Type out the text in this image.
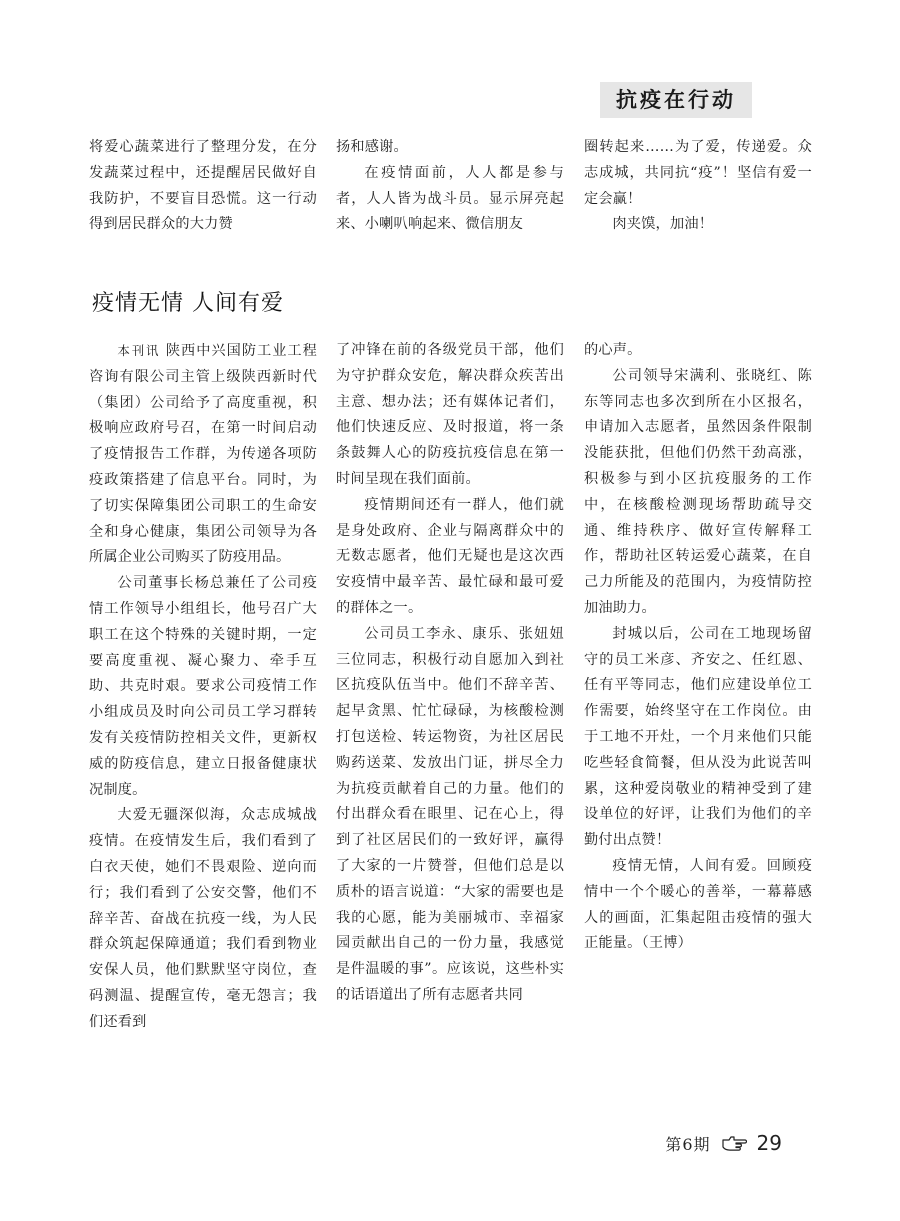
抗疫在行动

将爱心蔬菜进行了整理分发，在分发蔬菜过程中，还提醒居民做好自我防护，不要盲目恐慌。这一行动得到居民群众的大力赞

扬和感谢。

在疫情面前，人人都是参与者，人人皆为战斗员。显示屏亮起来、小喇叭响起来、微信朋友

圈转起来……为了爱，传递爱。众志成城，共同抗“疫”！坚信有爱一定会赢！

肉夹馍，加油！

疫情无情 人间有爱

本刊讯 陕西中兴国防工业工程咨询有限公司主管上级陕西新时代（集团）公司给予了高度重视，积极响应政府号召，在第一时间启动了疫情报告工作群，为传递各项防疫政策搭建了信息平台。同时，为了切实保障集团公司职工的生命安全和身心健康，集团公司领导为各所属企业公司购买了防疫用品。

公司董事长杨总兼任了公司疫情工作领导小组组长，他号召广大职工在这个特殊的关键时期，一定要高度重视、凝心聚力、牵手互助、共克时艰。要求公司疫情工作小组成员及时向公司员工学习群转发有关疫情防控相关文件，更新权威的防疫信息，建立日报备健康状况制度。

大爱无疆深似海，众志成城战疫情。在疫情发生后，我们看到了白衣天使，她们不畏艰险、逆向而行；我们看到了公安交警，他们不辞辛苦、奋战在抗疫一线，为人民群众筑起保障通道；我们看到物业安保人员，他们默默坚守岗位，查码测温、提醒宣传，毫无怨言；我们还看到

了冲锋在前的各级党员干部，他们为守护群众安危，解决群众疾苦出主意、想办法；还有媒体记者们，他们快速反应、及时报道，将一条条鼓舞人心的防疫抗疫信息在第一时间呈现在我们面前。

疫情期间还有一群人，他们就是身处政府、企业与隔离群众中的无数志愿者，他们无疑也是这次西安疫情中最辛苦、最忙碌和最可爱的群体之一。

公司员工李永、康乐、张妞妞三位同志，积极行动自愿加入到社区抗疫队伍当中。他们不辞辛苦、起早贪黑、忙忙碌碌，为核酸检测打包送检、转运物资，为社区居民购药送菜、发放出门证，拼尽全力为抗疫贡献着自己的力量。他们的付出群众看在眼里、记在心上，得到了社区居民们的一致好评，赢得了大家的一片赞誉，但他们总是以质朴的语言说道：“大家的需要也是我的心愿，能为美丽城市、幸福家园贡献出自己的一份力量，我感觉是件温暖的事”。应该说，这些朴实的话语道出了所有志愿者共同

的心声。

公司领导宋满利、张晓红、陈东等同志也多次到所在小区报名，申请加入志愿者，虽然因条件限制没能获批，但他们仍然干劲高涨，积极参与到小区抗疫服务的工作中，在核酸检测现场帮助疏导交通、维持秩序、做好宣传解释工作，帮助社区转运爱心蔬菜，在自己力所能及的范围内，为疫情防控加油助力。

封城以后，公司在工地现场留守的员工米彦、齐安之、任红恩、任有平等同志，他们应建设单位工作需要，始终坚守在工作岗位。由于工地不开灶，一个月来他们只能吃些轻食简餐，但从没为此说苦叫累，这种爱岗敬业的精神受到了建设单位的好评，让我们为他们的辛勤付出点赞！

疫情无情，人间有爱。回顾疫情中一个个暖心的善举，一幕幕感人的画面，汇集起阻击疫情的强大正能量。（王博）

第6期 29
